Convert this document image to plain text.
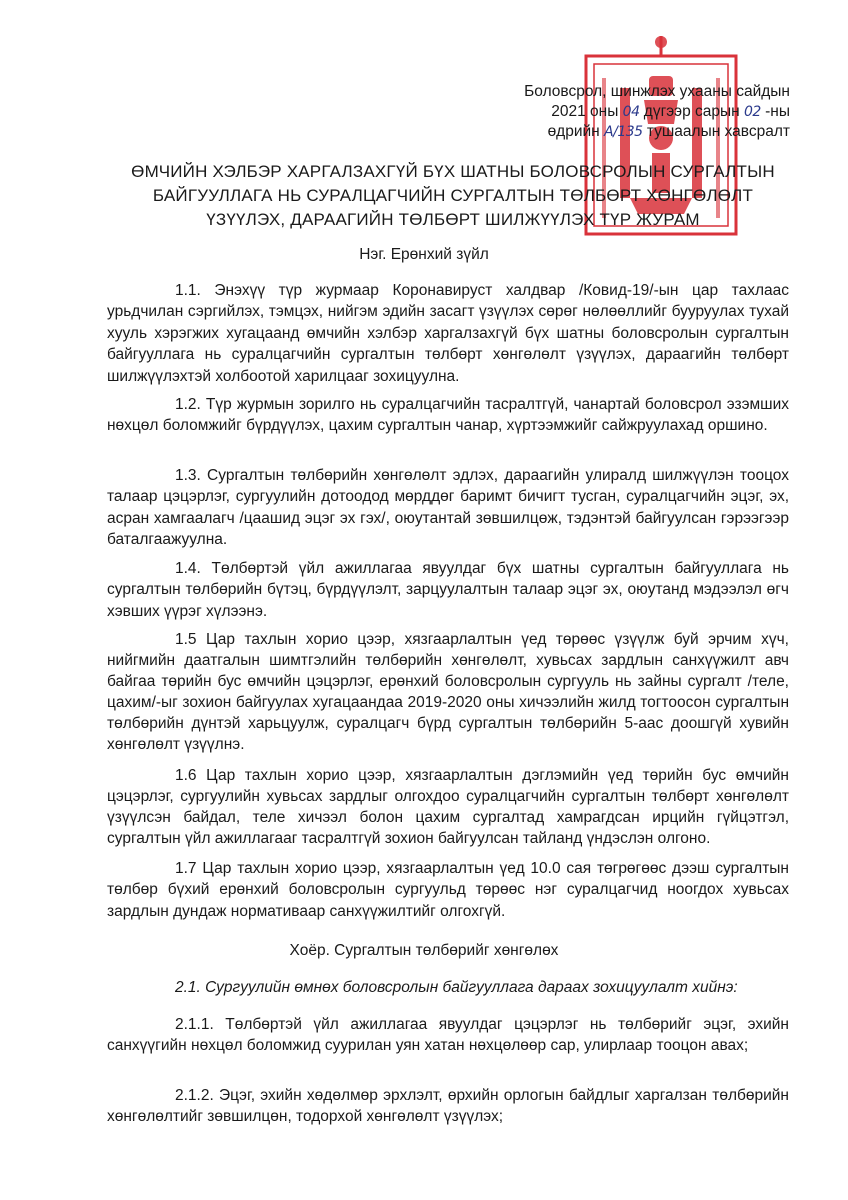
Боловсрол, шинжлэх ухааны сайдын
2021 оны 04 дүгээр сарын 02 -ны
өдрийн А/135 тушаалын хавсралт
ӨМЧИЙН ХЭЛБЭР ХАРГАЛЗАХГҮЙ БҮХ ШАТНЫ БОЛОВСРОЛЫН СУРГАЛТЫН
БАЙГУУЛЛАГА НЬ СУРАЛЦАГЧИЙН СУРГАЛТЫН ТӨЛБӨРТ ХӨНГӨЛӨЛТ
ҮЗҮҮЛЭХ, ДАРААГИЙН ТӨЛБӨРТ ШИЛЖҮҮЛЭХ ТҮР ЖУРАМ
Нэг. Ерөнхий зүйл
1.1. Энэхүү түр журмаар Коронавируст халдвар /Ковид-19/-ын цар тахлаас урьдчилан сэргийлэх, тэмцэх, нийгэм эдийн засагт үзүүлэх сөрөг нөлөөллийг бууруулах тухай хууль хэрэгжих хугацаанд өмчийн хэлбэр харгалзахгүй бүх шатны боловсролын сургалтын байгууллага нь суралцагчийн сургалтын төлбөрт хөнгөлөлт үзүүлэх, дараагийн төлбөрт шилжүүлэхтэй холбоотой харилцааг зохицуулна.
1.2. Түр журмын зорилго нь суралцагчийн тасралтгүй, чанартай боловсрол эзэмших нөхцөл боломжийг бүрдүүлэх, цахим сургалтын чанар, хүртээмжийг сайжруулахад оршино.
1.3. Сургалтын төлбөрийн хөнгөлөлт эдлэх, дараагийн улиралд шилжүүлэн тооцох талаар цэцэрлэг, сургуулийн дотоодод мөрддөг баримт бичигт тусган, суралцагчийн эцэг, эх, асран хамгаалагч /цаашид эцэг эх гэх/, оюутантай зөвшилцөж, тэдэнтэй байгуулсан гэрээгээр баталгаажуулна.
1.4. Төлбөртэй үйл ажиллагаа явуулдаг бүх шатны сургалтын байгууллага нь сургалтын төлбөрийн бүтэц, бүрдүүлэлт, зарцуулалтын талаар эцэг эх, оюутанд мэдээлэл өгч хэвших үүрэг хүлээнэ.
1.5 Цар тахлын хорио цээр, хязгаарлалтын үед төрөөс үзүүлж буй эрчим хүч, нийгмийн даатгалын шимтгэлийн төлбөрийн хөнгөлөлт, хувьсах зардлын санхүүжилт авч байгаа төрийн бус өмчийн цэцэрлэг, ерөнхий боловсролын сургууль нь зайны сургалт /теле, цахим/-ыг зохион байгуулах хугацаандаа 2019-2020 оны хичээлийн жилд тогтоосон сургалтын төлбөрийн дүнтэй харьцуулж, суралцагч бүрд сургалтын төлбөрийн 5-аас доошгүй хувийн хөнгөлөлт үзүүлнэ.
1.6 Цар тахлын хорио цээр, хязгаарлалтын дэглэмийн үед төрийн бус өмчийн цэцэрлэг, сургуулийн хувьсах зардлыг олгохдоо суралцагчийн сургалтын төлбөрт хөнгөлөлт үзүүлсэн байдал, теле хичээл болон цахим сургалтад хамрагдсан ирцийн гүйцэтгэл, сургалтын үйл ажиллагааг тасралтгүй зохион байгуулсан тайланд үндэслэн олгоно.
1.7 Цар тахлын хорио цээр, хязгаарлалтын үед 10.0 сая төгрөгөөс дээш сургалтын төлбөр бүхий ерөнхий боловсролын сургуульд төрөөс нэг суралцагчид ноогдох хувьсах зардлын дундаж нормативаар санхүүжилтийг олгохгүй.
Хоёр. Сургалтын төлбөрийг хөнгөлөх
2.1. Сургуулийн өмнөх боловсролын байгууллага дараах зохицуулалт хийнэ:
2.1.1. Төлбөртэй үйл ажиллагаа явуулдаг цэцэрлэг нь төлбөрийг эцэг, эхийн санхүүгийн нөхцөл боломжид суурилан уян хатан нөхцөлөөр сар, улирлаар тооцон авах;
2.1.2. Эцэг, эхийн хөдөлмөр эрхлэлт, өрхийн орлогын байдлыг харгалзан төлбөрийн хөнгөлөлтийг зөвшилцөн, тодорхой хөнгөлөлт үзүүлэх;
